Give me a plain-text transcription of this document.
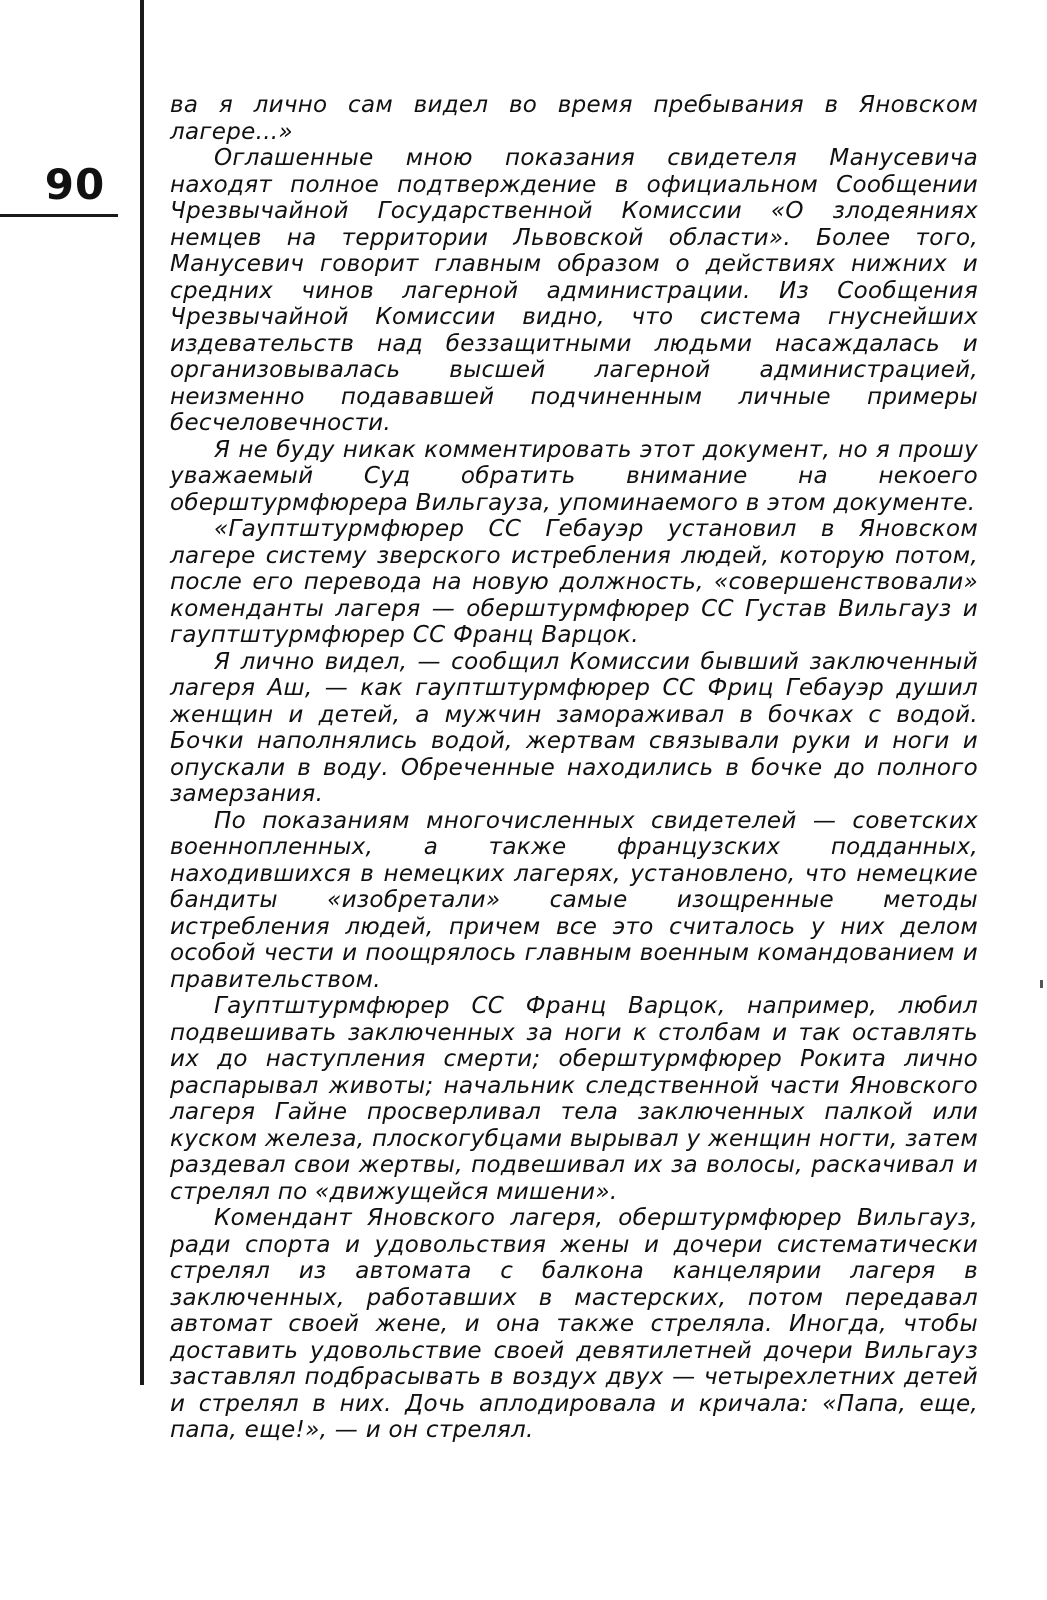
90

ва я лично сам видел во время пребывания в Яновском лагере...»

Оглашенные мною показания свидетеля Манусевича находят полное подтверждение в официальном Сообщении Чрезвычайной Государственной Комиссии «О злодеяниях немцев на территории Львовской области». Более того, Манусевич говорит главным образом о действиях нижних и средних чинов лагерной администрации. Из Сообщения Чрезвычайной Комиссии видно, что система гнуснейших издевательств над беззащитными людьми насаждалась и организовывалась высшей лагерной администрацией, неизменно подававшей подчиненным личные примеры бесчеловечности.

Я не буду никак комментировать этот документ, но я прошу уважаемый Суд обратить внимание на некоего оберштурмфюрера Вильгауза, упоминаемого в этом документе.

«Гауптштурмфюрер СС Гебауэр установил в Яновском лагере систему зверского истребления людей, которую потом, после его перевода на новую должность, «совершенствовали» коменданты лагеря — оберштурмфюрер СС Густав Вильгауз и гауптштурмфюрер СС Франц Варцок.

Я лично видел, — сообщил Комиссии бывший заключенный лагеря Аш, — как гауптштурмфюрер СС Фриц Гебауэр душил женщин и детей, а мужчин замораживал в бочках с водой. Бочки наполнялись водой, жертвам связывали руки и ноги и опускали в воду. Обреченные находились в бочке до полного замерзания.

По показаниям многочисленных свидетелей — советских военнопленных, а также французских подданных, находившихся в немецких лагерях, установлено, что немецкие бандиты «изобретали» самые изощренные методы истребления людей, причем все это считалось у них делом особой чести и поощрялось главным военным командованием и правительством.

Гауптштурмфюрер СС Франц Варцок, например, любил подвешивать заключенных за ноги к столбам и так оставлять их до наступления смерти; оберштурмфюрер Рокита лично распарывал животы; начальник следственной части Яновского лагеря Гайне просверливал тела заключенных палкой или куском железа, плоскогубцами вырывал у женщин ногти, затем раздевал свои жертвы, подвешивал их за волосы, раскачивал и стрелял по «движущейся мишени».

Комендант Яновского лагеря, оберштурмфюрер Вильгауз, ради спорта и удовольствия жены и дочери систематически стрелял из автомата с балкона канцелярии лагеря в заключенных, работавших в мастерских, потом передавал автомат своей жене, и она также стреляла. Иногда, чтобы доставить удовольствие своей девятилетней дочери Вильгауз заставлял подбрасывать в воздух двух — четырехлетних детей и стрелял в них. Дочь аплодировала и кричала: «Папа, еще, папа, еще!», — и он стрелял.
